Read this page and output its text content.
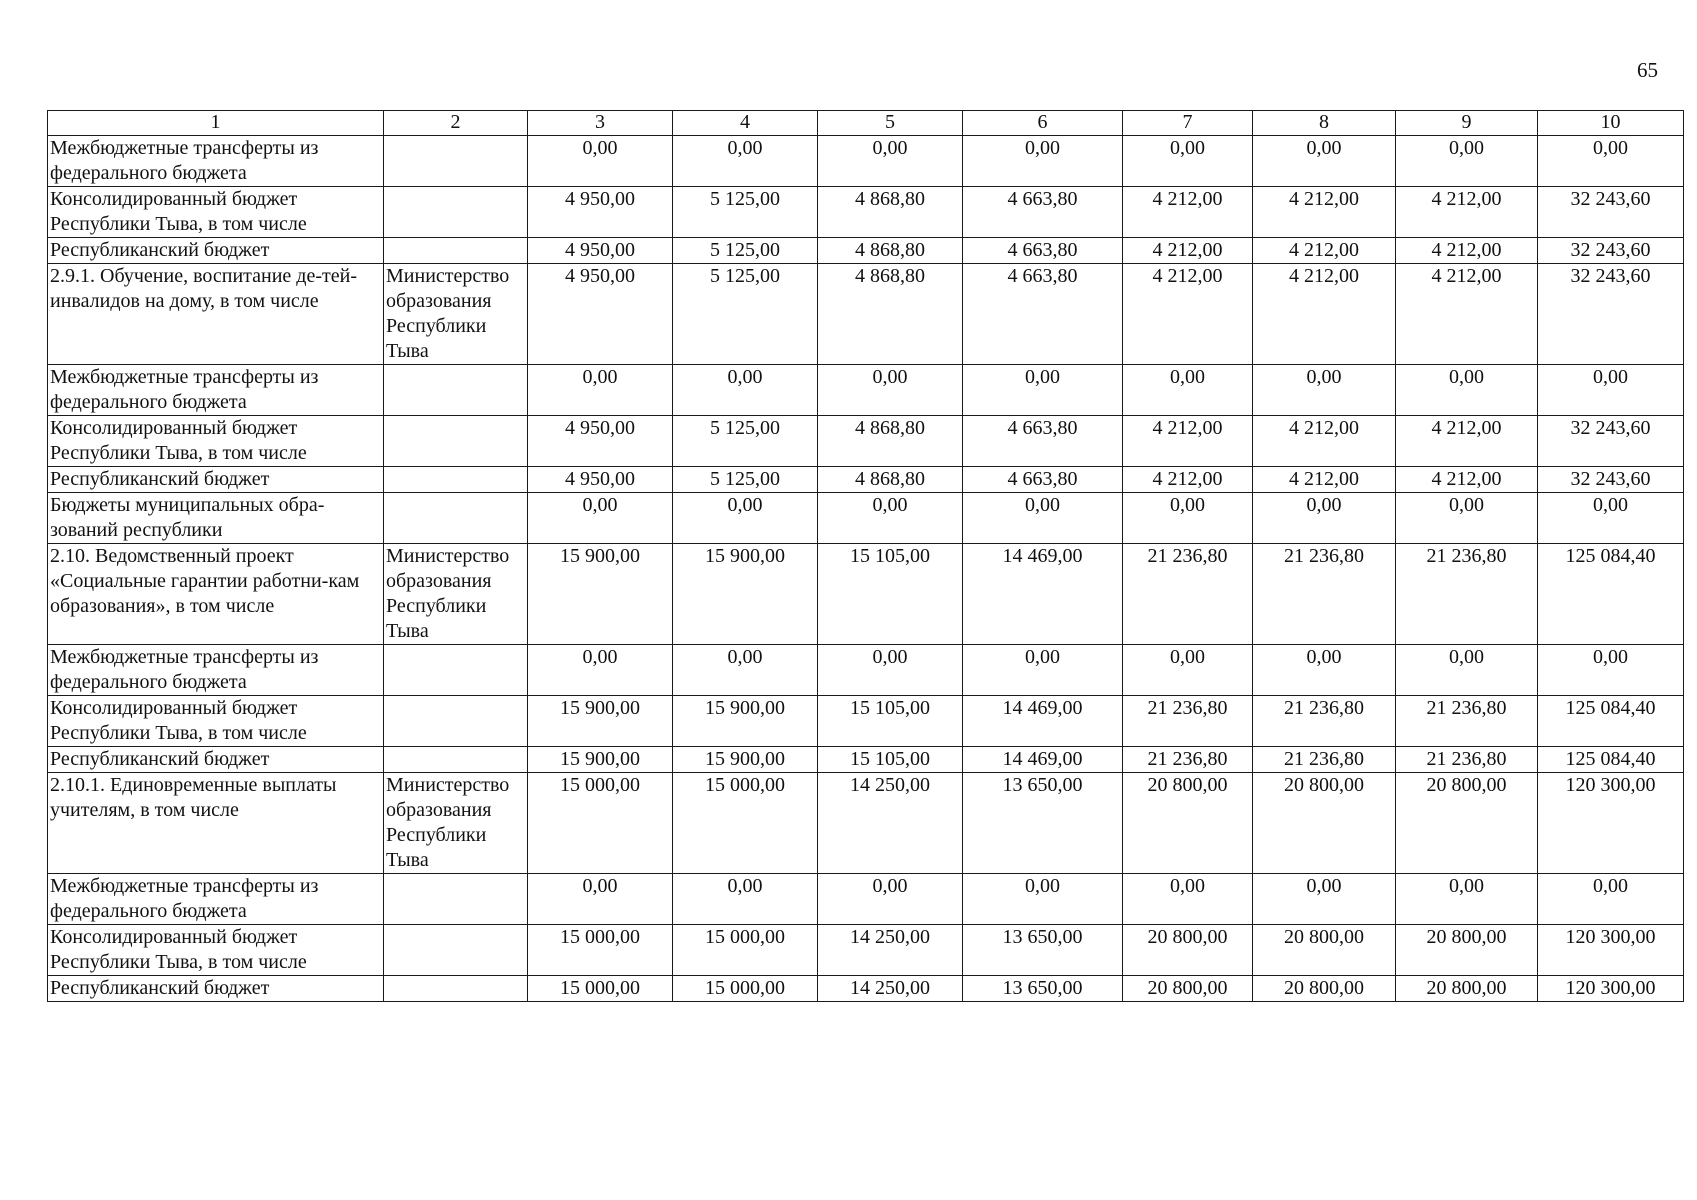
65
1	2	3	4	5	6	7	8	9	10
Межбюджетные трансферты из федерального бюджета		0,00	0,00	0,00	0,00	0,00	0,00	0,00	0,00
Консолидированный бюджет Республики Тыва, в том числе		4 950,00	5 125,00	4 868,80	4 663,80	4 212,00	4 212,00	4 212,00	32 243,60
Республиканский бюджет		4 950,00	5 125,00	4 868,80	4 663,80	4 212,00	4 212,00	4 212,00	32 243,60
2.9.1. Обучение, воспитание де-тей-инвалидов на дому, в том числе	Министерство образования Республики Тыва	4 950,00	5 125,00	4 868,80	4 663,80	4 212,00	4 212,00	4 212,00	32 243,60
Межбюджетные трансферты из федерального бюджета		0,00	0,00	0,00	0,00	0,00	0,00	0,00	0,00
Консолидированный бюджет Республики Тыва, в том числе		4 950,00	5 125,00	4 868,80	4 663,80	4 212,00	4 212,00	4 212,00	32 243,60
Республиканский бюджет		4 950,00	5 125,00	4 868,80	4 663,80	4 212,00	4 212,00	4 212,00	32 243,60
Бюджеты муниципальных обра-зований республики		0,00	0,00	0,00	0,00	0,00	0,00	0,00	0,00
2.10. Ведомственный проект «Социальные гарантии работни-кам образования», в том числе	Министерство образования Республики Тыва	15 900,00	15 900,00	15 105,00	14 469,00	21 236,80	21 236,80	21 236,80	125 084,40
Межбюджетные трансферты из федерального бюджета		0,00	0,00	0,00	0,00	0,00	0,00	0,00	0,00
Консолидированный бюджет Республики Тыва, в том числе		15 900,00	15 900,00	15 105,00	14 469,00	21 236,80	21 236,80	21 236,80	125 084,40
Республиканский бюджет		15 900,00	15 900,00	15 105,00	14 469,00	21 236,80	21 236,80	21 236,80	125 084,40
2.10.1. Единовременные выплаты учителям, в том числе	Министерство образования Республики Тыва	15 000,00	15 000,00	14 250,00	13 650,00	20 800,00	20 800,00	20 800,00	120 300,00
Межбюджетные трансферты из федерального бюджета		0,00	0,00	0,00	0,00	0,00	0,00	0,00	0,00
Консолидированный бюджет Республики Тыва, в том числе		15 000,00	15 000,00	14 250,00	13 650,00	20 800,00	20 800,00	20 800,00	120 300,00
Республиканский бюджет		15 000,00	15 000,00	14 250,00	13 650,00	20 800,00	20 800,00	20 800,00	120 300,00
